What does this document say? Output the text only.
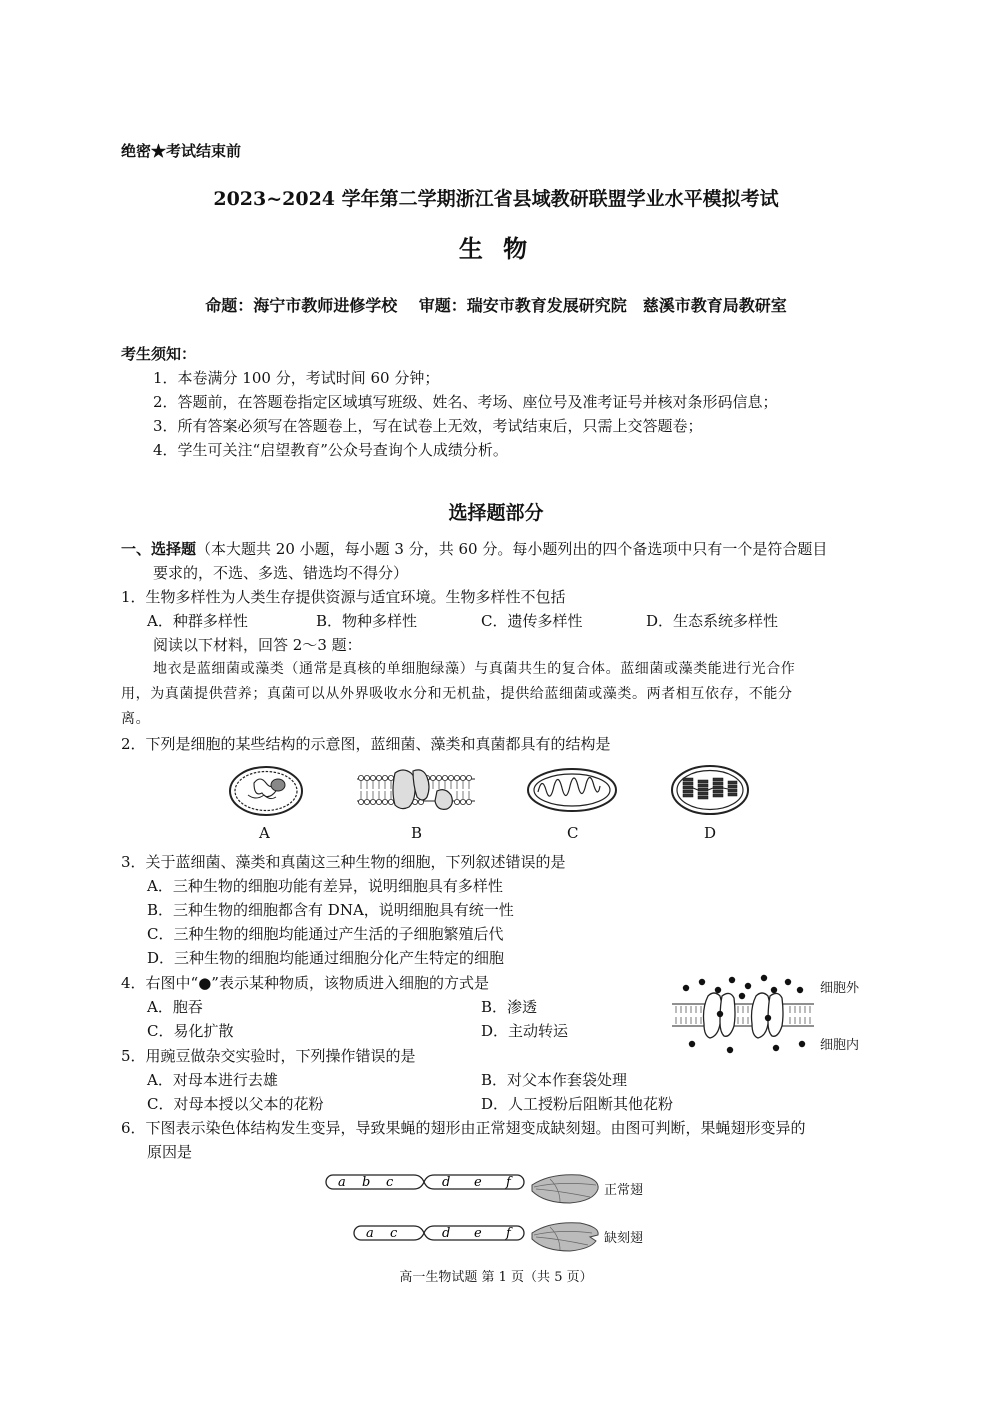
绝密★考试结束前
2023~2024 学年第二学期浙江省县域教研联盟学业水平模拟考试
生 物
命题：海宁市教师进修学校　 审题：瑞安市教育发展研究院　慈溪市教育局教研室
考生须知：
1．本卷满分 100 分，考试时间 60 分钟；
2．答题前，在答题卷指定区域填写班级、姓名、考场、座位号及准考证号并核对条形码信息；
3．所有答案必须写在答题卷上，写在试卷上无效，考试结束后，只需上交答题卷；
4．学生可关注“启望教育”公众号查询个人成绩分析。
选择题部分
一、选择题（本大题共 20 小题，每小题 3 分，共 60 分。每小题列出的四个备选项中只有一个是符合题目
要求的，不选、多选、错选均不得分）
1．生物多样性为人类生存提供资源与适宜环境。生物多样性不包括
A．种群多样性	B．物种多样性	C．遗传多样性	D．生态系统多样性
阅读以下材料，回答 2～3 题：
地衣是蓝细菌或藻类（通常是真核的单细胞绿藻）与真菌共生的复合体。蓝细菌或藻类能进行光合作
用，为真菌提供营养；真菌可以从外界吸收水分和无机盐，提供给蓝细菌或藻类。两者相互依存，不能分
离。
2．下列是细胞的某些结构的示意图，蓝细菌、藻类和真菌都具有的结构是
A	B	C	D
3．关于蓝细菌、藻类和真菌这三种生物的细胞，下列叙述错误的是
A．三种生物的细胞功能有差异，说明细胞具有多样性
B．三种生物的细胞都含有 DNA，说明细胞具有统一性
C．三种生物的细胞均能通过产生活的子细胞繁殖后代
D．三种生物的细胞均能通过细胞分化产生特定的细胞
4．右图中“●”表示某种物质，该物质进入细胞的方式是
A．胞吞	B．渗透
C．易化扩散	D．主动转运
细胞外
细胞内
5．用豌豆做杂交实验时，下列操作错误的是
A．对母本进行去雄	B．对父本作套袋处理
C．对母本授以父本的花粉	D．人工授粉后阻断其他花粉
6．下图表示染色体结构发生变异，导致果蝇的翅形由正常翅变成缺刻翅。由图可判断，果蝇翅形变异的
原因是
a b c	d e f
正常翅
a c	d e f	缺刻翅
高一生物试题 第 1 页（共 5 页）
